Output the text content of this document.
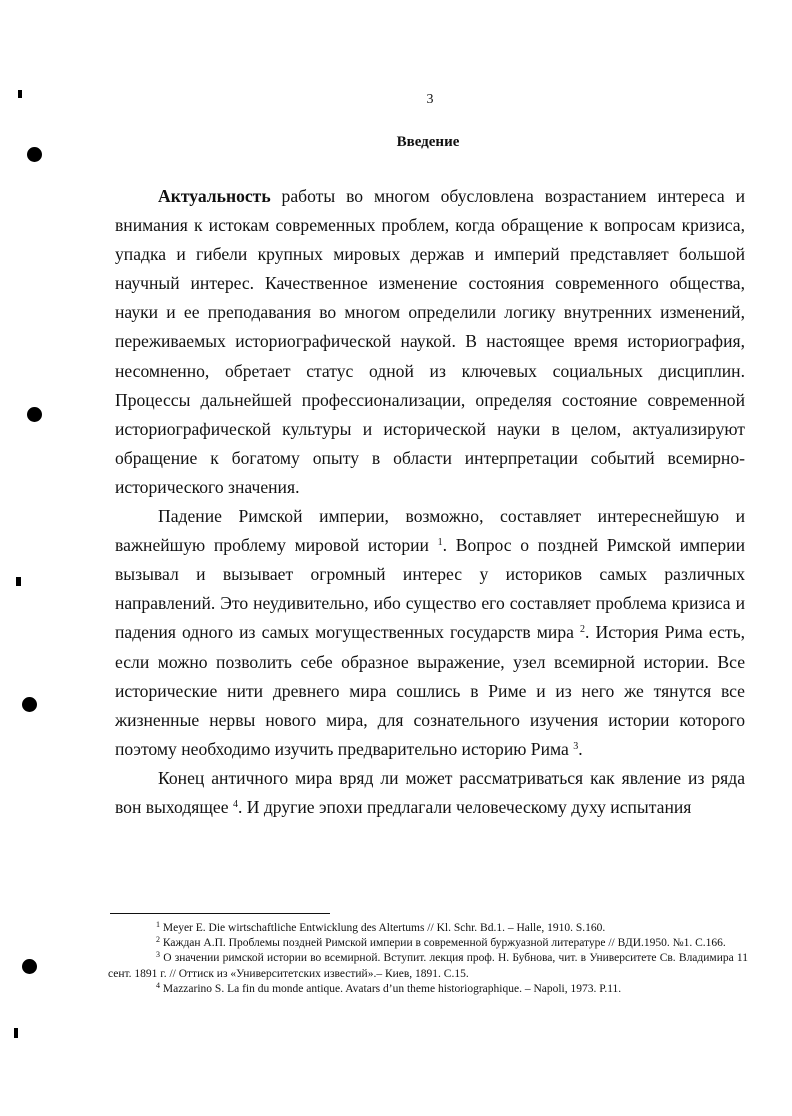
3
Введение

Актуальность работы во многом обусловлена возрастанием интереса и внимания к истокам современных проблем, когда обращение к вопросам кризиса, упадка и гибели крупных мировых держав и империй представляет большой научный интерес. Качественное изменение состояния современного общества, науки и ее преподавания во многом определили логику внутренних изменений, переживаемых историографической наукой. В настоящее время историография, несомненно, обретает статус одной из ключевых социальных дисциплин. Процессы дальнейшей профессионализации, определяя состояние современной историографической культуры и исторической науки в целом, актуализируют обращение к богатому опыту в области интерпретации событий всемирно-исторического значения.

Падение Римской империи, возможно, составляет интереснейшую и важнейшую проблему мировой истории $^1$. Вопрос о поздней Римской империи вызывал и вызывает огромный интерес у историков самых различных направлений. Это неудивительно, ибо существо его составляет проблема кризиса и падения одного из самых могущественных государств мира $^2$. История Рима есть, если можно позволить себе образное выражение, узел всемирной истории. Все исторические нити древнего мира сошлись в Риме и из него же тянутся все жизненные нервы нового мира, для сознательного изучения истории которого поэтому необходимо изучить предварительно историю Рима $^3$.

Конец античного мира вряд ли может рассматриваться как явление из ряда вон выходящее $^4$. И другие эпохи предлагали человеческому духу испытания

$^1$ Meyer E. Die wirtschaftliche Entwicklung des Altertums // Kl. Schr. Bd.1. – Halle, 1910. S.160.

$^2$ Каждан А.П. Проблемы поздней Римской империи в современной буржуазной литературе // ВДИ.1950. №1. С.166.

$^3$ О значении римской истории во всемирной. Вступит. лекция проф. Н. Бубнова, чит. в Университете Св. Владимира 11 сент. 1891 г. // Оттиск из «Университетских известий».– Киев, 1891. С.15.

$^4$ Mazzarino S. La fin du monde antique. Avatars d’un theme historiographique. – Napoli, 1973. P.11.
